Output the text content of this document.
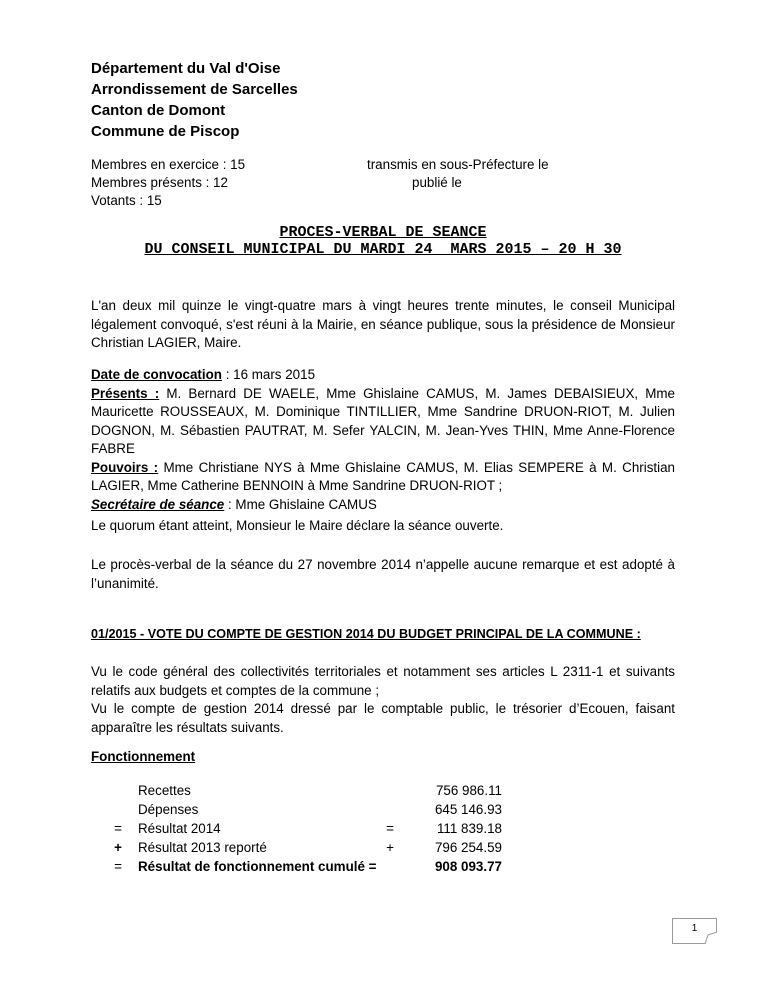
Département du Val d'Oise
Arrondissement de Sarcelles
Canton de Domont
Commune de Piscop
Membres en exercice : 15
Membres présents : 12
Votants : 15
transmis en sous-Préfecture le
publié le
PROCES-VERBAL DE SEANCE
DU CONSEIL MUNICIPAL DU MARDI 24  MARS 2015 – 20 H 30
L'an deux mil quinze le vingt-quatre mars à vingt heures trente minutes, le conseil Municipal légalement convoqué, s'est réuni à la Mairie, en séance publique, sous la présidence de Monsieur Christian LAGIER, Maire.
Date de convocation : 16 mars 2015
Présents : M. Bernard DE WAELE, Mme Ghislaine CAMUS, M. James DEBAISIEUX, Mme Mauricette ROUSSEAUX, M. Dominique TINTILLIER, Mme Sandrine DRUON-RIOT, M. Julien DOGNON, M. Sébastien PAUTRAT, M. Sefer YALCIN, M. Jean-Yves THIN, Mme Anne-Florence FABRE
Pouvoirs : Mme Christiane NYS à Mme Ghislaine CAMUS, M. Elias SEMPERE à M. Christian LAGIER, Mme Catherine BENNOIN à Mme Sandrine DRUON-RIOT ;
Secrétaire de séance : Mme Ghislaine CAMUS
Le quorum étant atteint, Monsieur le Maire déclare la séance ouverte.
Le procès-verbal de la séance du 27 novembre 2014 n’appelle aucune remarque et est adopté à l’unanimité.
01/2015 - VOTE DU COMPTE DE GESTION 2014 DU BUDGET PRINCIPAL DE LA COMMUNE :
Vu le code général des collectivités territoriales et notamment ses articles L 2311-1 et suivants relatifs aux budgets et comptes de la commune ;
Vu le compte de gestion 2014 dressé par le comptable public, le trésorier d’Ecouen, faisant apparaître les résultats suivants.
Fonctionnement
	Recettes		756 986.11
	Dépenses		645 146.93
=	Résultat 2014	=	111 839.18
+	Résultat 2013 reporté	+	796 254.59
=	Résultat de fonctionnement cumulé =		908 093.77
1
